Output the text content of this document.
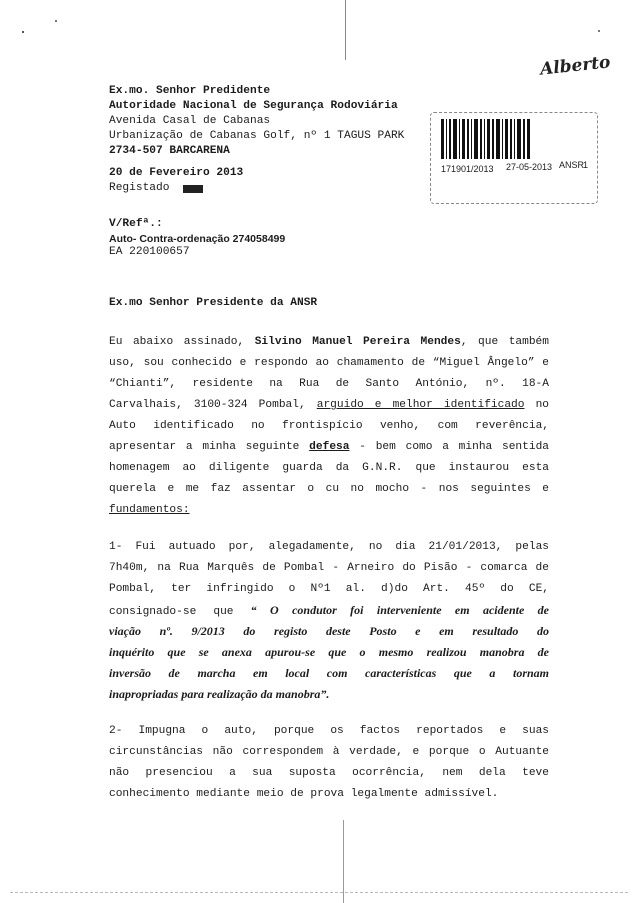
Alberto
Ex.mo. Senhor Predidente
Autoridade Nacional de Segurança Rodoviária
Avenida Casal de Cabanas
Urbanização de Cabanas Golf, nº 1 TAGUS PARK
2734-507 BARCARENA
20 de Fevereiro 2013
Registado
171901/2013 27-05-2013 ANSR
1
V/Refª.:
Auto- Contra-ordenação 274058499
EA 220100657
Ex.mo Senhor Presidente da ANSR
Eu abaixo assinado, Silvino Manuel Pereira Mendes, que também
uso, sou conhecido e respondo ao chamamento de “Miguel Ângelo” e
“Chianti”, residente na Rua de Santo António, nº. 18-A
Carvalhais, 3100-324 Pombal, arguido e melhor identificado no
Auto identificado no frontispício venho, com reverência,
apresentar a minha seguinte defesa - bem como a minha sentida
homenagem ao diligente guarda da G.N.R. que instaurou esta
querela e me faz assentar o cu no mocho - nos seguintes e
fundamentos:
1- Fui autuado por, alegadamente, no dia 21/01/2013, pelas
7h40m, na Rua Marquês de Pombal - Arneiro do Pisão - comarca de
Pombal, ter infringido o Nº1 al. d)do Art. 45º do CE,
consignado-se que “ O condutor foi interveniente em acidente de
viação nº. 9/2013 do registo deste Posto e em resultado do
inquérito que se anexa apurou-se que o mesmo realizou manobra de
inversão de marcha em local com características que a tornam
inapropriadas para realização da manobra”.
2- Impugna o auto, porque os factos reportados e suas
circunstâncias não correspondem à verdade, e porque o Autuante
não presenciou a sua suposta ocorrência, nem dela teve
conhecimento mediante meio de prova legalmente admissível.
